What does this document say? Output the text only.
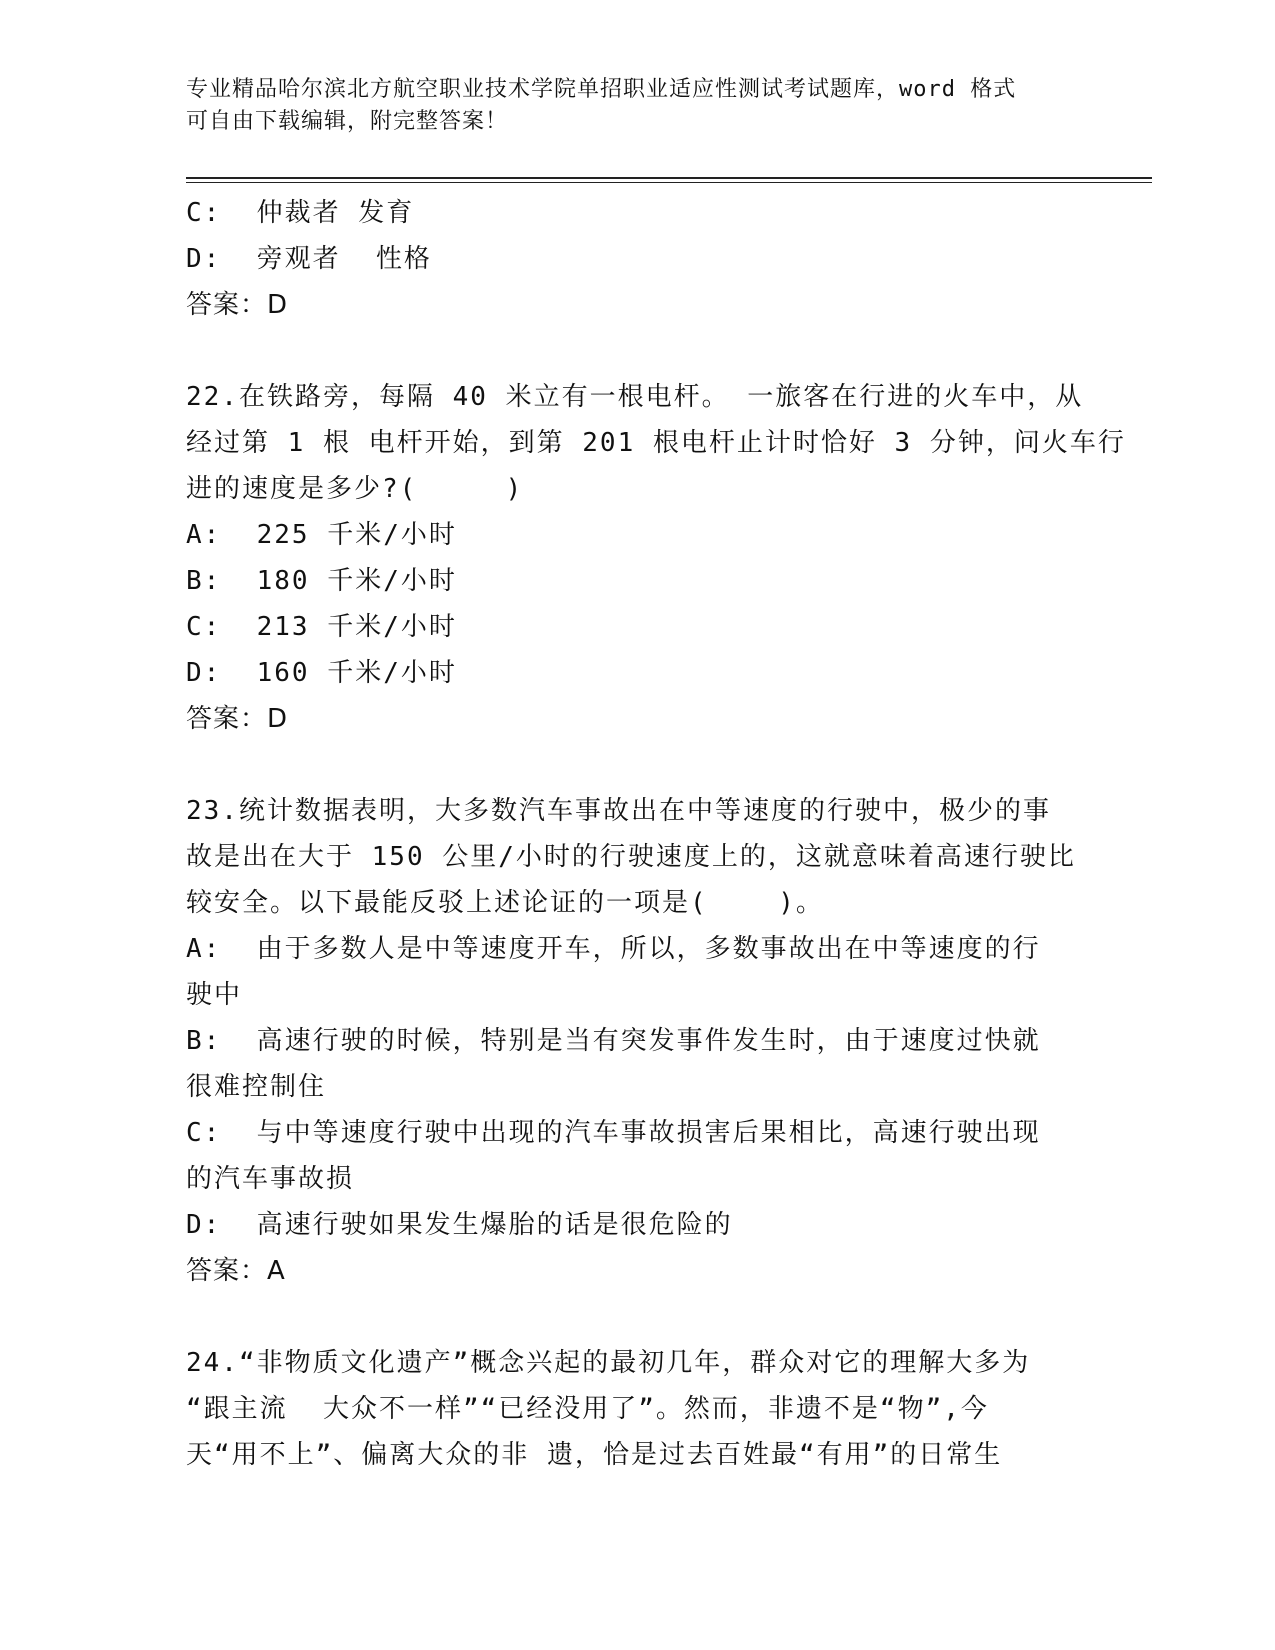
专业精品哈尔滨北方航空职业技术学院单招职业适应性测试考试题库，word 格式
可自由下载编辑，附完整答案！
C:  仲裁者 发育
D:  旁观者  性格
答案：D
22.在铁路旁，每隔 40 米立有一根电杆。 一旅客在行进的火车中，从
经过第 1 根 电杆开始，到第 201 根电杆止计时恰好 3 分钟，问火车行
进的速度是多少?(     )
A:  225 千米/小时
B:  180 千米/小时
C:  213 千米/小时
D:  160 千米/小时
答案：D
23.统计数据表明，大多数汽车事故出在中等速度的行驶中，极少的事
故是出在大于 150 公里/小时的行驶速度上的，这就意味着高速行驶比
较安全。以下最能反驳上述论证的一项是(    )。
A:  由于多数人是中等速度开车，所以，多数事故出在中等速度的行
驶中
B:  高速行驶的时候，特别是当有突发事件发生时，由于速度过快就
很难控制住
C:  与中等速度行驶中出现的汽车事故损害后果相比，高速行驶出现
的汽车事故损
D:  高速行驶如果发生爆胎的话是很危险的
答案：A
24.“非物质文化遗产”概念兴起的最初几年，群众对它的理解大多为
“跟主流  大众不一样”“已经没用了”。然而，非遗不是“物”,今
天“用不上”、偏离大众的非 遗，恰是过去百姓最“有用”的日常生
